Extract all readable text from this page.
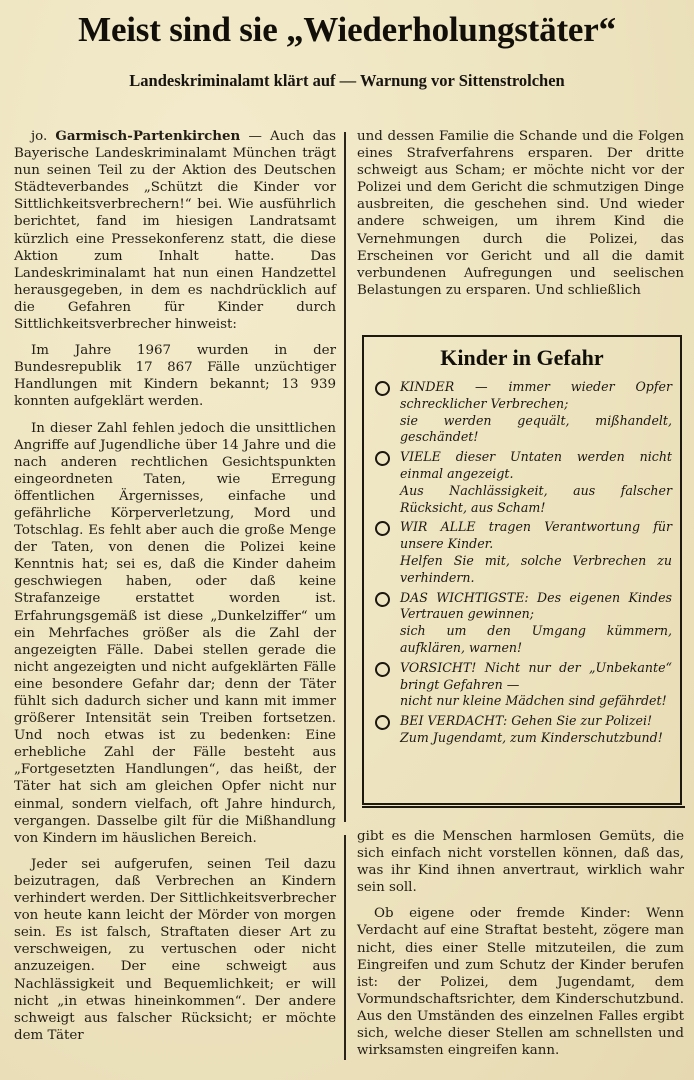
Meist sind sie „Wiederholungstäter“
Landeskriminalamt klärt auf — Warnung vor Sittenstrolchen

jo. Garmisch-Partenkirchen — Auch das Bayerische Landeskriminalamt München trägt nun seinen Teil zu der Aktion des Deutschen Städteverbandes „Schützt die Kinder vor Sittlichkeitsverbrechern!“ bei. Wie ausführlich berichtet, fand im hiesigen Landratsamt kürzlich eine Pressekonferenz statt, die diese Aktion zum Inhalt hatte. Das Landeskriminalamt hat nun einen Handzettel herausgegeben, in dem es nachdrücklich auf die Gefahren für Kinder durch Sittlichkeitsverbrecher hinweist:

Im Jahre 1967 wurden in der Bundesrepublik 17 867 Fälle unzüchtiger Handlungen mit Kindern bekannt; 13 939 konnten aufgeklärt werden.

In dieser Zahl fehlen jedoch die unsittlichen Angriffe auf Jugendliche über 14 Jahre und die nach anderen rechtlichen Gesichtspunkten eingeordneten Taten, wie Erregung öffentlichen Ärgernisses, einfache und gefährliche Körperverletzung, Mord und Totschlag. Es fehlt aber auch die große Menge der Taten, von denen die Polizei keine Kenntnis hat; sei es, daß die Kinder daheim geschwiegen haben, oder daß keine Strafanzeige erstattet worden ist. Erfahrungsgemäß ist diese „Dunkelziffer“ um ein Mehrfaches größer als die Zahl der angezeigten Fälle. Dabei stellen gerade die nicht angezeigten und nicht aufgeklärten Fälle eine besondere Gefahr dar; denn der Täter fühlt sich dadurch sicher und kann mit immer größerer Intensität sein Treiben fortsetzen. Und noch etwas ist zu bedenken: Eine erhebliche Zahl der Fälle besteht aus „Fortgesetzten Handlungen“, das heißt, der Täter hat sich am gleichen Opfer nicht nur einmal, sondern vielfach, oft Jahre hindurch, vergangen. Dasselbe gilt für die Mißhandlung von Kindern im häuslichen Bereich.

Jeder sei aufgerufen, seinen Teil dazu beizutragen, daß Verbrechen an Kindern verhindert werden. Der Sittlichkeitsverbrecher von heute kann leicht der Mörder von morgen sein. Es ist falsch, Straftaten dieser Art zu verschweigen, zu vertuschen oder nicht anzuzeigen. Der eine schweigt aus Nachlässigkeit und Bequemlichkeit; er will nicht „in etwas hineinkommen“. Der andere schweigt aus falscher Rücksicht; er möchte dem Täter

und dessen Familie die Schande und die Folgen eines Strafverfahrens ersparen. Der dritte schweigt aus Scham; er möchte nicht vor der Polizei und dem Gericht die schmutzigen Dinge ausbreiten, die geschehen sind. Und wieder andere schweigen, um ihrem Kind die Vernehmungen durch die Polizei, das Erscheinen vor Gericht und all die damit verbundenen Aufregungen und seelischen Belastungen zu ersparen. Und schließlich

Kinder in Gefahr
KINDER — immer wieder Opfer schrecklicher Verbrechen;
sie werden gequält, mißhandelt, geschändet!
VIELE dieser Untaten werden nicht einmal angezeigt.
Aus Nachlässigkeit, aus falscher Rücksicht, aus Scham!
WIR ALLE tragen Verantwortung für unsere Kinder.
Helfen Sie mit, solche Verbrechen zu verhindern.
DAS WICHTIGSTE: Des eigenen Kindes Vertrauen gewinnen;
sich um den Umgang kümmern, aufklären, warnen!
VORSICHT! Nicht nur der „Unbekante“ bringt Gefahren —
nicht nur kleine Mädchen sind gefährdet!
BEI VERDACHT: Gehen Sie zur Polizei!
Zum Jugendamt, zum Kinderschutzbund!

gibt es die Menschen harmlosen Gemüts, die sich einfach nicht vorstellen können, daß das, was ihr Kind ihnen anvertraut, wirklich wahr sein soll.

Ob eigene oder fremde Kinder: Wenn Verdacht auf eine Straftat besteht, zögere man nicht, dies einer Stelle mitzuteilen, die zum Eingreifen und zum Schutz der Kinder berufen ist: der Polizei, dem Jugendamt, dem Vormundschaftsrichter, dem Kinderschutzbund. Aus den Umständen des einzelnen Falles ergibt sich, welche dieser Stellen am schnellsten und wirksamsten eingreifen kann.
